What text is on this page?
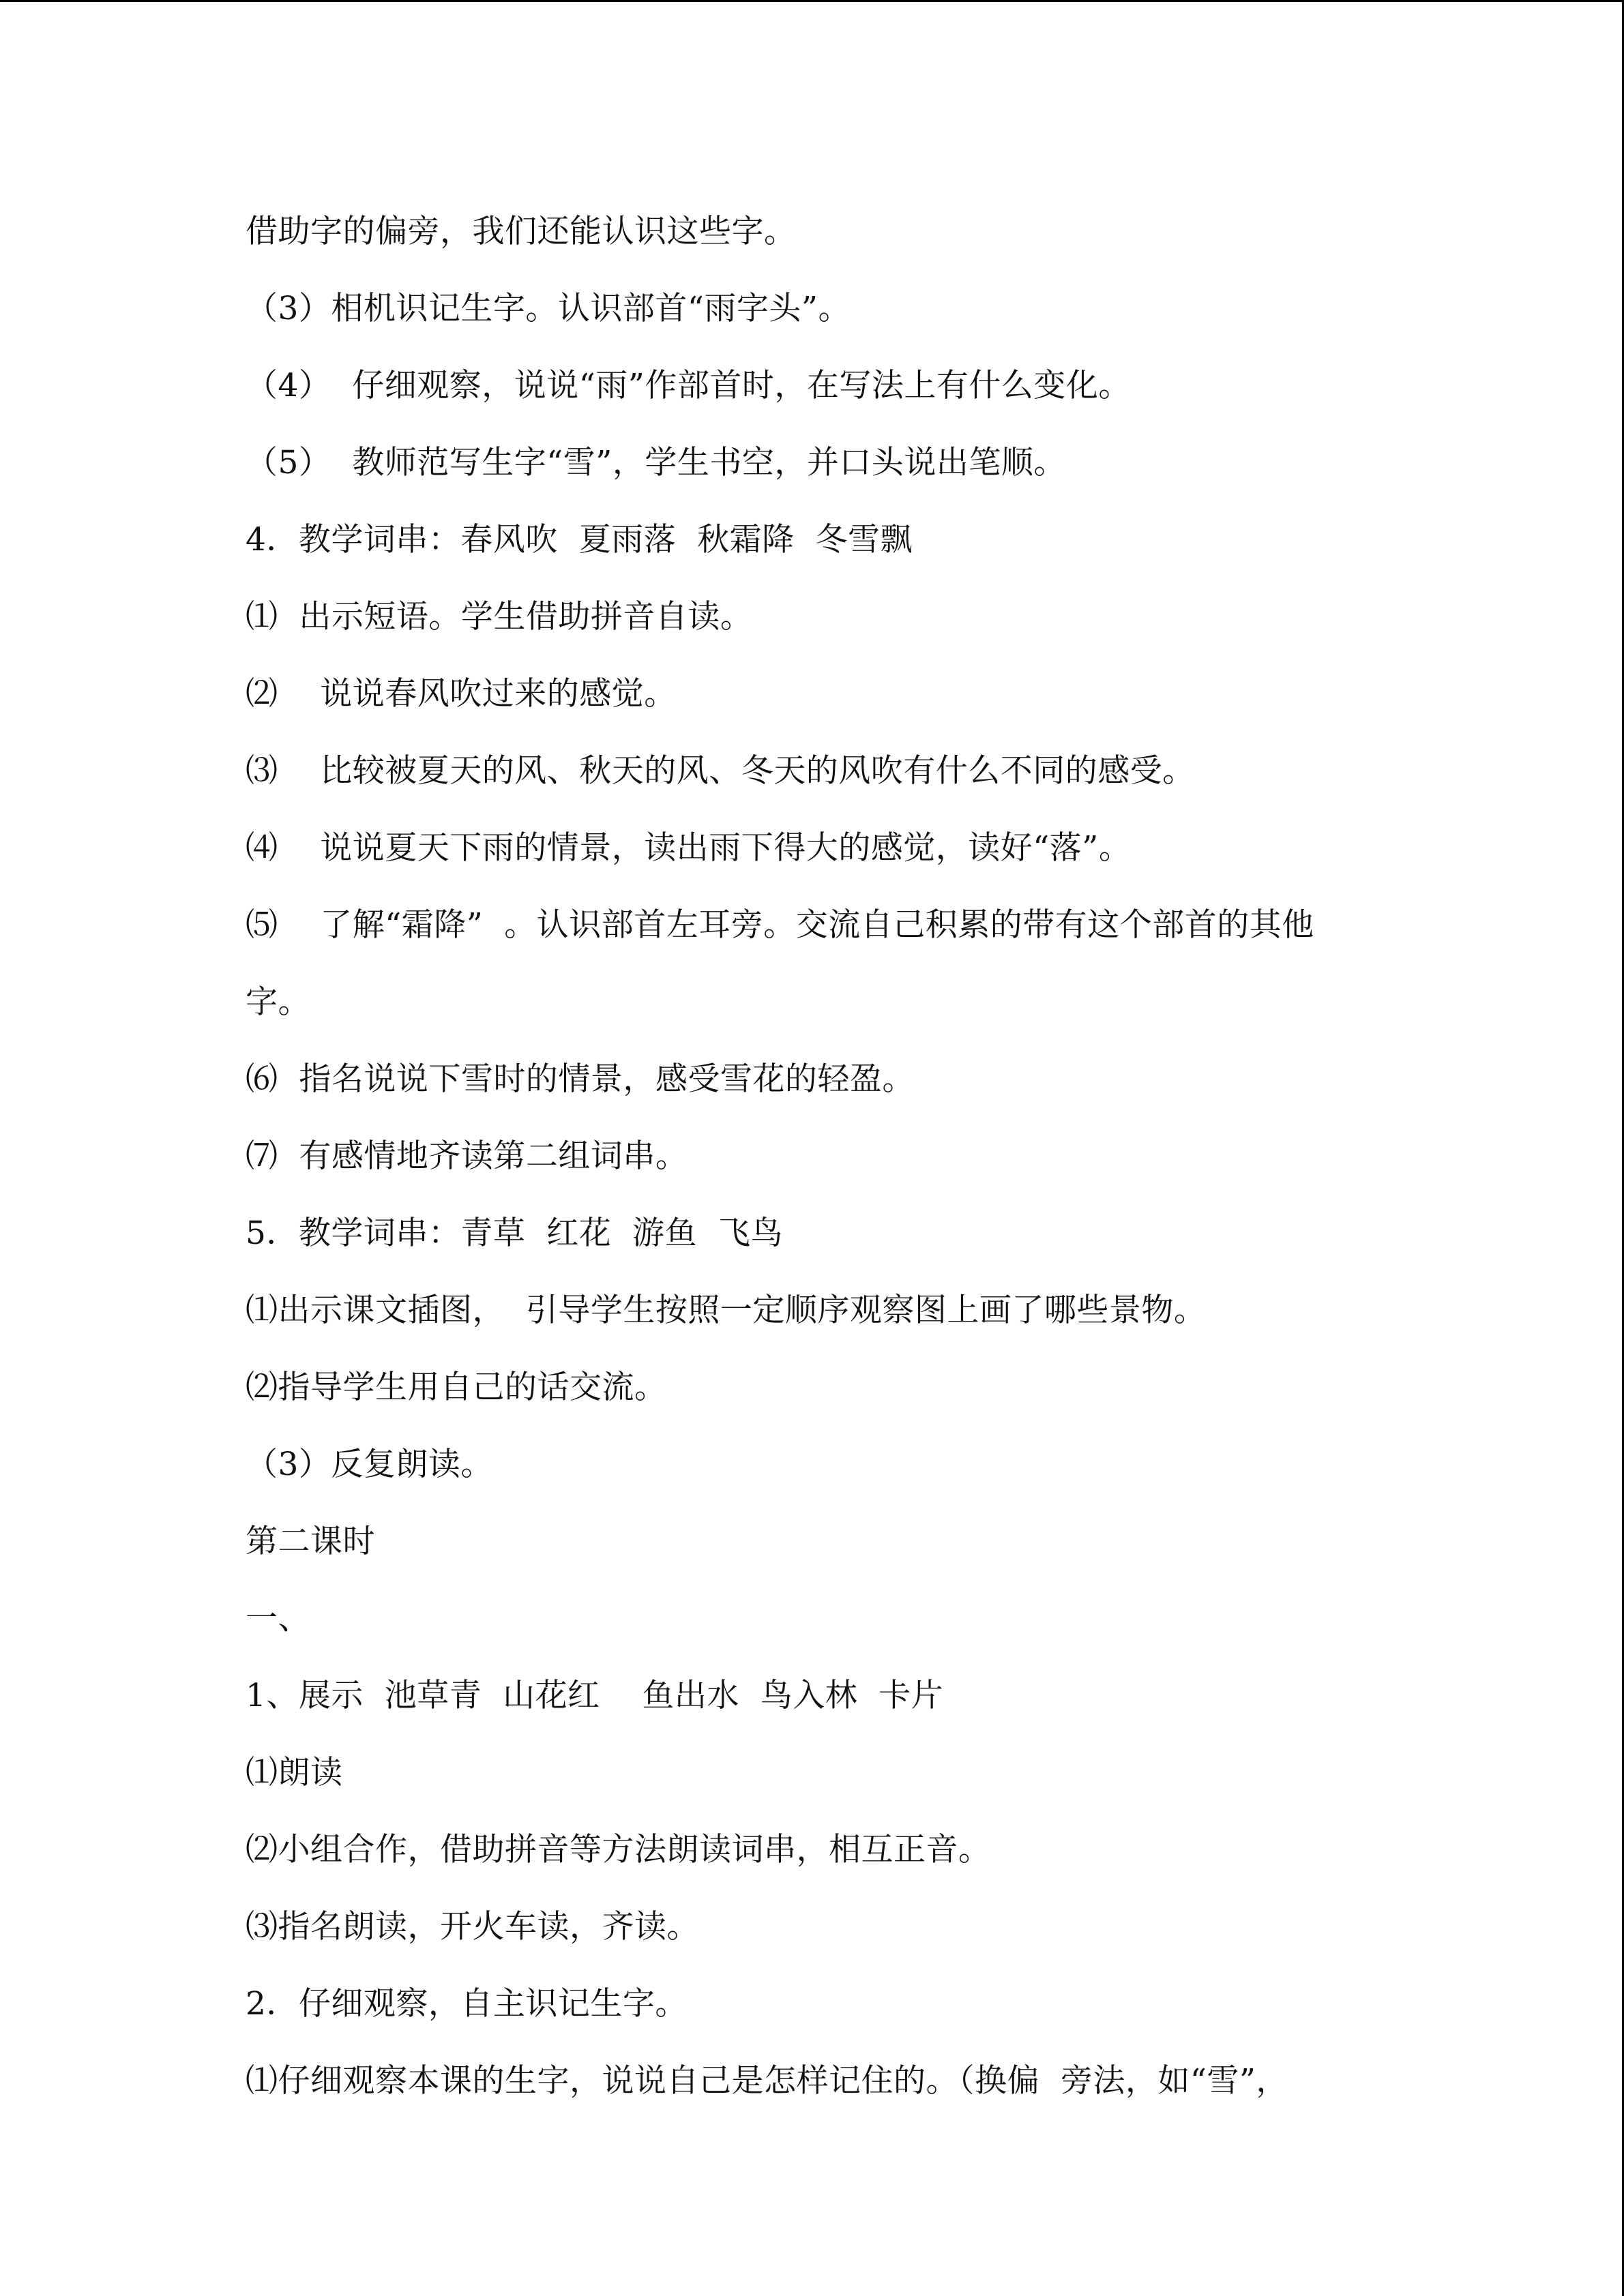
借助字的偏旁，我们还能认识这些字。
（3）相机识记生字。认识部首“雨字头”。
（4）  仔细观察，说说“雨”作部首时，在写法上有什么变化。
（5）  教师范写生字“雪”，学生书空，并口头说出笔顺。
4．教学词串：春风吹  夏雨落  秋霜降  冬雪飘
⑴  出示短语。学生借助拼音自读。
⑵    说说春风吹过来的感觉。
⑶    比较被夏天的风、秋天的风、冬天的风吹有什么不同的感受。
⑷    说说夏天下雨的情景，读出雨下得大的感觉，读好“落”。
⑸    了解“霜降”  。认识部首左耳旁。交流自己积累的带有这个部首的其他
字。
⑹  指名说说下雪时的情景，感受雪花的轻盈。
⑺  有感情地齐读第二组词串。
5．教学词串：青草  红花  游鱼  飞鸟
⑴出示课文插图，  引导学生按照一定顺序观察图上画了哪些景物。
⑵指导学生用自己的话交流。
（3）反复朗读。
第二课时
一、
1、展示  池草青  山花红    鱼出水  鸟入林  卡片
⑴朗读
⑵小组合作，借助拼音等方法朗读词串，相互正音。
⑶指名朗读，开火车读，齐读。
2．仔细观察，自主识记生字。
⑴仔细观察本课的生字，说说自己是怎样记住的。（换偏  旁法，如“雪”，
